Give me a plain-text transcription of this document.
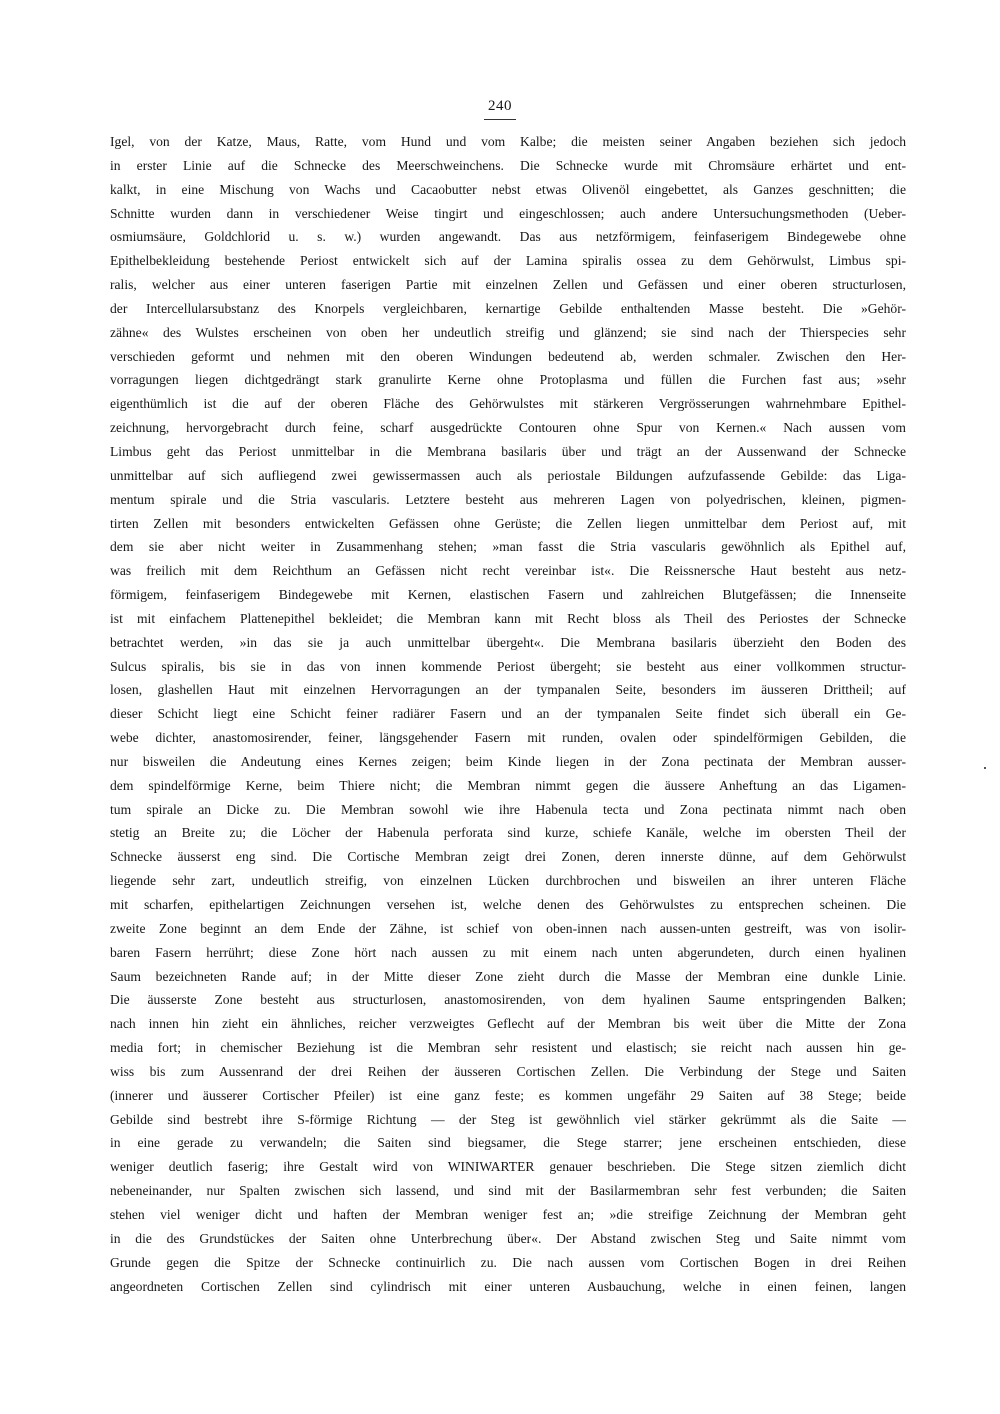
240
Igel, von der Katze, Maus, Ratte, vom Hund und vom Kalbe; die meisten seiner Angaben beziehen sich jedoch
in erster Linie auf die Schnecke des Meerschweinchens. Die Schnecke wurde mit Chromsäure erhärtet und ent-
kalkt, in eine Mischung von Wachs und Cacaobutter nebst etwas Olivenöl eingebettet, als Ganzes geschnitten; die
Schnitte wurden dann in verschiedener Weise tingirt und eingeschlossen; auch andere Untersuchungsmethoden (Ueber-
osmiumsäure, Goldchlorid u. s. w.) wurden angewandt. Das aus netzförmigem, feinfaserigem Bindegewebe ohne
Epithelbekleidung bestehende Periost entwickelt sich auf der Lamina spiralis ossea zu dem Gehörwulst, Limbus spi-
ralis, welcher aus einer unteren faserigen Partie mit einzelnen Zellen und Gefässen und einer oberen structurlosen,
der Intercellularsubstanz des Knorpels vergleichbaren, kernartige Gebilde enthaltenden Masse besteht. Die »Gehör-
zähne« des Wulstes erscheinen von oben her undeutlich streifig und glänzend; sie sind nach der Thierspecies sehr
verschieden geformt und nehmen mit den oberen Windungen bedeutend ab, werden schmaler. Zwischen den Her-
vorragungen liegen dichtgedrängt stark granulirte Kerne ohne Protoplasma und füllen die Furchen fast aus; »sehr
eigenthümlich ist die auf der oberen Fläche des Gehörwulstes mit stärkeren Vergrösserungen wahrnehmbare Epithel-
zeichnung, hervorgebracht durch feine, scharf ausgedrückte Contouren ohne Spur von Kernen.« Nach aussen vom
Limbus geht das Periost unmittelbar in die Membrana basilaris über und trägt an der Aussenwand der Schnecke
unmittelbar auf sich aufliegend zwei gewissermassen auch als periostale Bildungen aufzufassende Gebilde: das Liga-
mentum spirale und die Stria vascularis. Letztere besteht aus mehreren Lagen von polyedrischen, kleinen, pigmen-
tirten Zellen mit besonders entwickelten Gefässen ohne Gerüste; die Zellen liegen unmittelbar dem Periost auf, mit
dem sie aber nicht weiter in Zusammenhang stehen; »man fasst die Stria vascularis gewöhnlich als Epithel auf,
was freilich mit dem Reichthum an Gefässen nicht recht vereinbar ist«. Die Reissnersche Haut besteht aus netz-
förmigem, feinfaserigem Bindegewebe mit Kernen, elastischen Fasern und zahlreichen Blutgefässen; die Innenseite
ist mit einfachem Plattenepithel bekleidet; die Membran kann mit Recht bloss als Theil des Periostes der Schnecke
betrachtet werden, »in das sie ja auch unmittelbar übergeht«. Die Membrana basilaris überzieht den Boden des
Sulcus spiralis, bis sie in das von innen kommende Periost übergeht; sie besteht aus einer vollkommen structur-
losen, glashellen Haut mit einzelnen Hervorragungen an der tympanalen Seite, besonders im äusseren Drittheil; auf
dieser Schicht liegt eine Schicht feiner radiärer Fasern und an der tympanalen Seite findet sich überall ein Ge-
webe dichter, anastomosirender, feiner, längsgehender Fasern mit runden, ovalen oder spindelförmigen Gebilden, die
nur bisweilen die Andeutung eines Kernes zeigen; beim Kinde liegen in der Zona pectinata der Membran ausser-
dem spindelförmige Kerne, beim Thiere nicht; die Membran nimmt gegen die äussere Anheftung an das Ligamen-
tum spirale an Dicke zu. Die Membran sowohl wie ihre Habenula tecta und Zona pectinata nimmt nach oben
stetig an Breite zu; die Löcher der Habenula perforata sind kurze, schiefe Kanäle, welche im obersten Theil der
Schnecke äusserst eng sind. Die Cortische Membran zeigt drei Zonen, deren innerste dünne, auf dem Gehörwulst
liegende sehr zart, undeutlich streifig, von einzelnen Lücken durchbrochen und bisweilen an ihrer unteren Fläche
mit scharfen, epithelartigen Zeichnungen versehen ist, welche denen des Gehörwulstes zu entsprechen scheinen. Die
zweite Zone beginnt an dem Ende der Zähne, ist schief von oben-innen nach aussen-unten gestreift, was von isolir-
baren Fasern herrührt; diese Zone hört nach aussen zu mit einem nach unten abgerundeten, durch einen hyalinen
Saum bezeichneten Rande auf; in der Mitte dieser Zone zieht durch die Masse der Membran eine dunkle Linie.
Die äusserste Zone besteht aus structurlosen, anastomosirenden, von dem hyalinen Saume entspringenden Balken;
nach innen hin zieht ein ähnliches, reicher verzweigtes Geflecht auf der Membran bis weit über die Mitte der Zona
media fort; in chemischer Beziehung ist die Membran sehr resistent und elastisch; sie reicht nach aussen hin ge-
wiss bis zum Aussenrand der drei Reihen der äusseren Cortischen Zellen. Die Verbindung der Stege und Saiten
(innerer und äusserer Cortischer Pfeiler) ist eine ganz feste; es kommen ungefähr 29 Saiten auf 38 Stege; beide
Gebilde sind bestrebt ihre S-förmige Richtung — der Steg ist gewöhnlich viel stärker gekrümmt als die Saite —
in eine gerade zu verwandeln; die Saiten sind biegsamer, die Stege starrer; jene erscheinen entschieden, diese
weniger deutlich faserig; ihre Gestalt wird von WINIWARTER genauer beschrieben. Die Stege sitzen ziemlich dicht
nebeneinander, nur Spalten zwischen sich lassend, und sind mit der Basilarmembran sehr fest verbunden; die Saiten
stehen viel weniger dicht und haften der Membran weniger fest an; »die streifige Zeichnung der Membran geht
in die des Grundstückes der Saiten ohne Unterbrechung über«. Der Abstand zwischen Steg und Saite nimmt vom
Grunde gegen die Spitze der Schnecke continuirlich zu. Die nach aussen vom Cortischen Bogen in drei Reihen
angeordneten Cortischen Zellen sind cylindrisch mit einer unteren Ausbauchung, welche in einen feinen, langen
